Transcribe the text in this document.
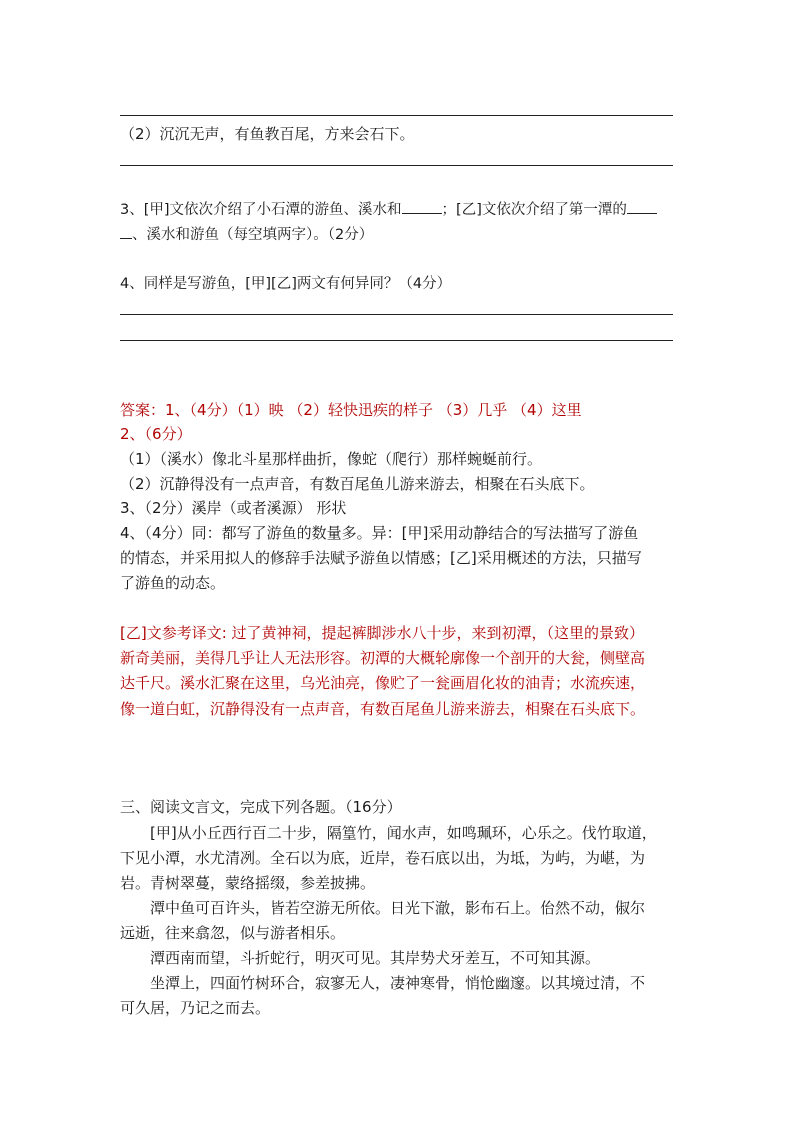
（2）沉沉无声，有鱼教百尾，方来会石下。
3、[甲]文依次介绍了小石潭的游鱼、溪水和	；[乙]文依次介绍了第一潭的
、溪水和游鱼（每空填两字）。（2分）
4、同样是写游鱼，[甲][乙]两文有何异同？（4分）
答案：1、（4分）（1）映 （2）轻快迅疾的样子 （3）几乎 （4）这里
2、（6分）
（1）（溪水）像北斗星那样曲折，像蛇（爬行）那样蜿蜒前行。
（2）沉静得没有一点声音，有数百尾鱼儿游来游去，相聚在石头底下。
3、（2分）溪岸（或者溪源） 形状
4、（4分）同：都写了游鱼的数量多。异：[甲]采用动静结合的写法描写了游鱼
的情态，并采用拟人的修辞手法赋予游鱼以情感；[乙]采用概述的方法，只描写
了游鱼的动态。
[乙]文参考译文: 过了黄神祠，提起裤脚涉水八十步，来到初潭，（这里的景致）
新奇美丽，美得几乎让人无法形容。初潭的大概轮廓像一个剖开的大瓮，侧壁高
达千尺。溪水汇聚在这里，乌光油亮，像贮了一瓮画眉化妆的油青；水流疾速，
像一道白虹，沉静得没有一点声音，有数百尾鱼儿游来游去，相聚在石头底下。
三、阅读文言文，完成下列各题。（16分）
[甲]从小丘西行百二十步，隔篁竹，闻水声，如鸣珮环，心乐之。伐竹取道，
下见小潭，水尤清冽。全石以为底，近岸，卷石底以出，为坻，为屿，为嵁，为
岩。青树翠蔓，蒙络摇缀，参差披拂。
潭中鱼可百许头，皆若空游无所依。日光下澈，影布石上。佁然不动，俶尔
远逝，往来翕忽，似与游者相乐。
潭西南而望，斗折蛇行，明灭可见。其岸势犬牙差互，不可知其源。
坐潭上，四面竹树环合，寂寥无人，凄神寒骨，悄怆幽邃。以其境过清，不
可久居，乃记之而去。
